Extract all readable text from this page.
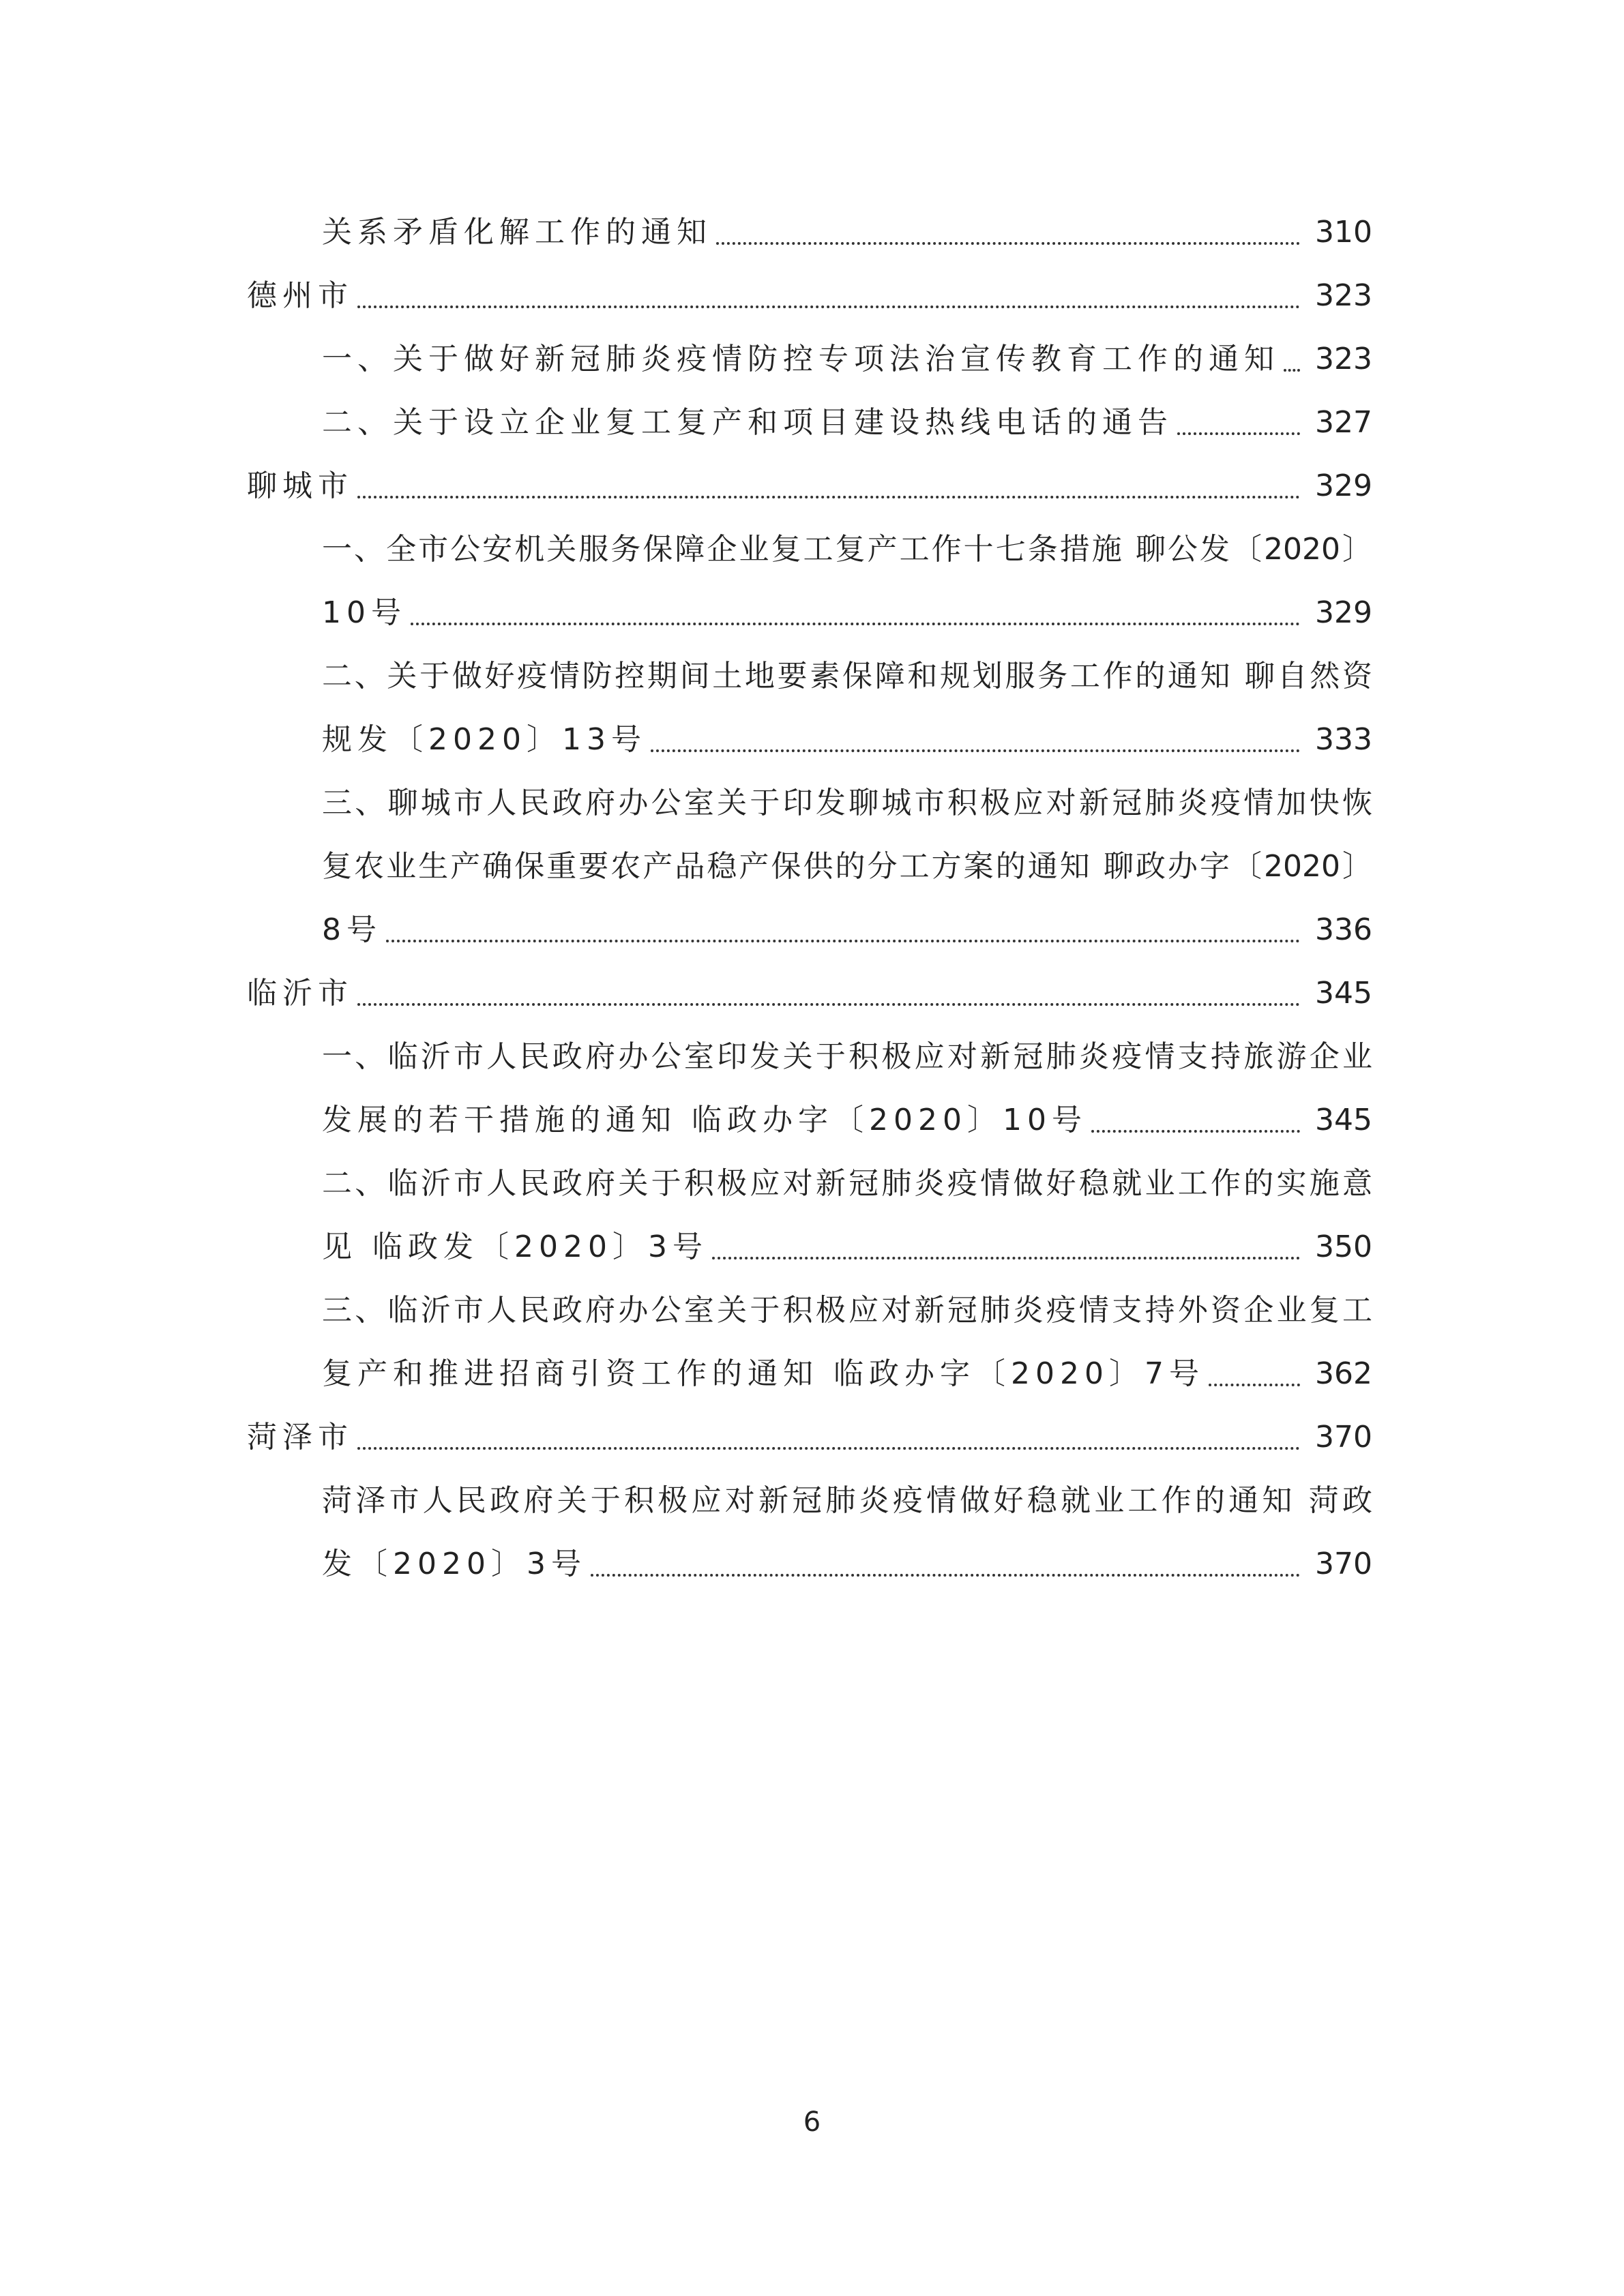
关系矛盾化解工作的通知	310
德州市	323
一、关于做好新冠肺炎疫情防控专项法治宣传教育工作的通知	323
二、关于设立企业复工复产和项目建设热线电话的通告	327
聊城市	329
一、全市公安机关服务保障企业复工复产工作十七条措施 聊公发〔2020〕
10号	329
二、关于做好疫情防控期间土地要素保障和规划服务工作的通知 聊自然资
规发〔2020〕13号	333
三、聊城市人民政府办公室关于印发聊城市积极应对新冠肺炎疫情加快恢
复农业生产确保重要农产品稳产保供的分工方案的通知 聊政办字〔2020〕
8号	336
临沂市	345
一、临沂市人民政府办公室印发关于积极应对新冠肺炎疫情支持旅游企业
发展的若干措施的通知 临政办字〔2020〕10号	345
二、临沂市人民政府关于积极应对新冠肺炎疫情做好稳就业工作的实施意
见 临政发〔2020〕3号	350
三、临沂市人民政府办公室关于积极应对新冠肺炎疫情支持外资企业复工
复产和推进招商引资工作的通知 临政办字〔2020〕7号	362
菏泽市	370
菏泽市人民政府关于积极应对新冠肺炎疫情做好稳就业工作的通知 菏政
发〔2020〕3号	370
6
